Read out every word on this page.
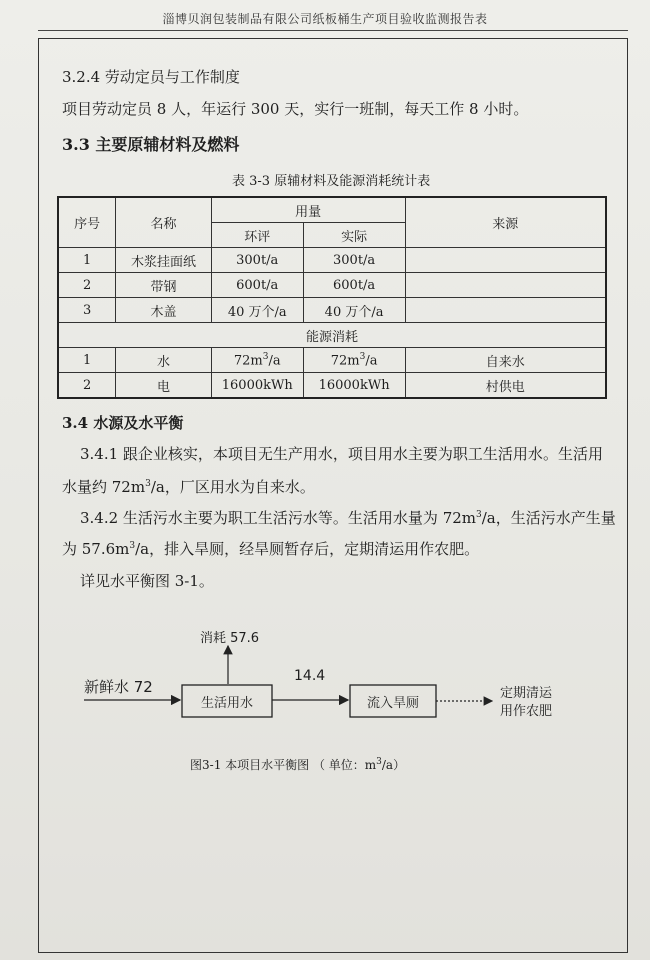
淄博贝润包装制品有限公司纸板桶生产项目验收监测报告表
3.2.4 劳动定员与工作制度
项目劳动定员 8 人，年运行 300 天，实行一班制，每天工作 8 小时。
3.3 主要原辅材料及燃料
表 3-3 原辅材料及能源消耗统计表
序号	名称	用量		来源
		环评	实际	
1	木浆挂面纸	300t/a	300t/a	
2	带钢	600t/a	600t/a	
3	木盖	40 万个/a	40 万个/a	
能源消耗				
1	水	$72m^3/a$	$72m^3/a$	自来水
2	电	16000kWh	16000kWh	村供电
3.4 水源及水平衡
3.4.1 跟企业核实，本项目无生产用水，项目用水主要为职工生活用水。生活用
水量约 $72m^3/a$，厂区用水为自来水。
3.4.2 生活污水主要为职工生活污水等。生活用水量为 $72m^3/a$，生活污水产生量
为 $57.6m^3/a$，排入旱厕，经旱厕暂存后，定期清运用作农肥。
详见水平衡图 3-1。
新鲜水 72
消耗 57.6
生活用水
14.4
流入旱厕
定期清运
用作农肥
图3-1 本项目水平衡图 （ 单位：$m^3/a$）
